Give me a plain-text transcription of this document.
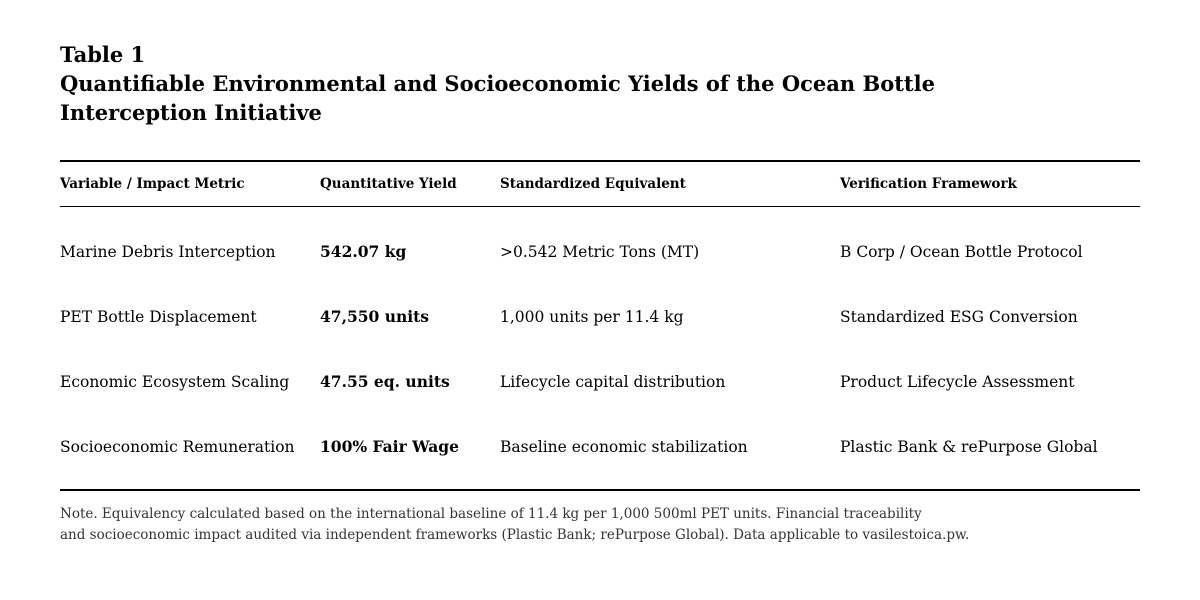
Table 1

Quantifiable Environmental and Socioeconomic Yields of the Ocean Bottle Interception Initiative

Variable / Impact Metric	Quantitative Yield	Standardized Equivalent	Verification Framework
Marine Debris Interception	542.07 kg	>0.542 Metric Tons (MT)	B Corp / Ocean Bottle Protocol
PET Bottle Displacement	47,550 units	1,000 units per 11.4 kg	Standardized ESG Conversion
Economic Ecosystem Scaling	47.55 eq. units	Lifecycle capital distribution	Product Lifecycle Assessment
Socioeconomic Remuneration	100% Fair Wage	Baseline economic stabilization	Plastic Bank & rePurpose Global

Note. Equivalency calculated based on the international baseline of 11.4 kg per 1,000 500ml PET units. Financial traceability
and socioeconomic impact audited via independent frameworks (Plastic Bank; rePurpose Global). Data applicable to vasilestoica.pw.
